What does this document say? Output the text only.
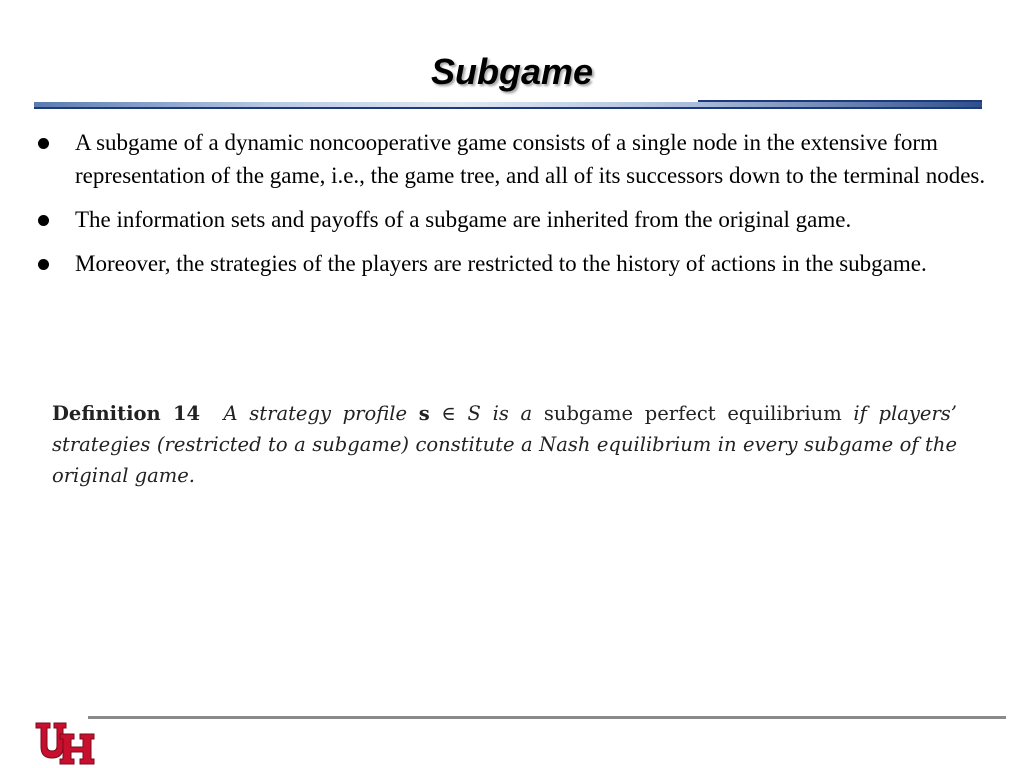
Subgame
A subgame of a dynamic noncooperative game consists of a single node in the extensive form representation of the game, i.e., the game tree, and all of its successors down to the terminal nodes.
The information sets and payoffs of a subgame are inherited from the original game.
Moreover, the strategies of the players are restricted to the history of actions in the subgame.
Definition 14 A strategy profile s ∈ S is a subgame perfect equilibrium if players’ strategies (restricted to a subgame) constitute a Nash equilibrium in every subgame of the original game.
